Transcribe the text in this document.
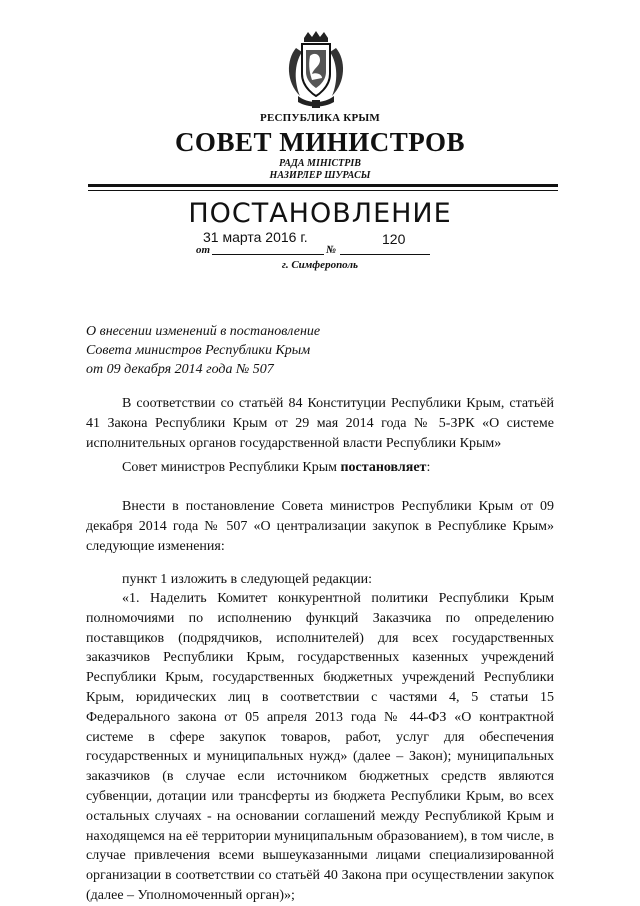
РЕСПУБЛИКА КРЫМ
СОВЕТ МИНИСТРОВ
РАДА МІНІСТРІВ
НАЗИРЛЕР ШУРАСЫ
ПОСТАНОВЛЕНИЕ
31 марта 2016 г.	120
от	№
г. Симферополь
О внесении изменений в постановление
Совета министров Республики Крым
от 09 декабря 2014 года № 507
В соответствии со статьёй 84 Конституции Республики Крым, статьёй 41 Закона Республики Крым от 29 мая 2014 года № 5-ЗРК «О системе исполнительных органов государственной власти Республики Крым»
Совет министров Республики Крым постановляет:
Внести в постановление Совета министров Республики Крым от 09 декабря 2014 года № 507 «О централизации закупок в Республике Крым» следующие изменения:
пункт 1 изложить в следующей редакции:
«1. Наделить Комитет конкурентной политики Республики Крым полномочиями по исполнению функций Заказчика по определению поставщиков (подрядчиков, исполнителей) для всех государственных заказчиков Республики Крым, государственных казенных учреждений Республики Крым, государственных бюджетных учреждений Республики Крым, юридических лиц в соответствии с частями 4, 5 статьи 15 Федерального закона от 05 апреля 2013 года № 44-ФЗ «О контрактной системе в сфере закупок товаров, работ, услуг для обеспечения государственных и муниципальных нужд» (далее – Закон); муниципальных заказчиков (в случае если источником бюджетных средств являются субвенции, дотации или трансферты из бюджета Республики Крым, во всех остальных случаях - на основании соглашений между Республикой Крым и находящемся на её территории муниципальным образованием), в том числе, в случае привлечения всеми вышеуказанными лицами специализированной организации в соответствии со статьёй 40 Закона при осуществлении закупок (далее – Уполномоченный орган)»;
